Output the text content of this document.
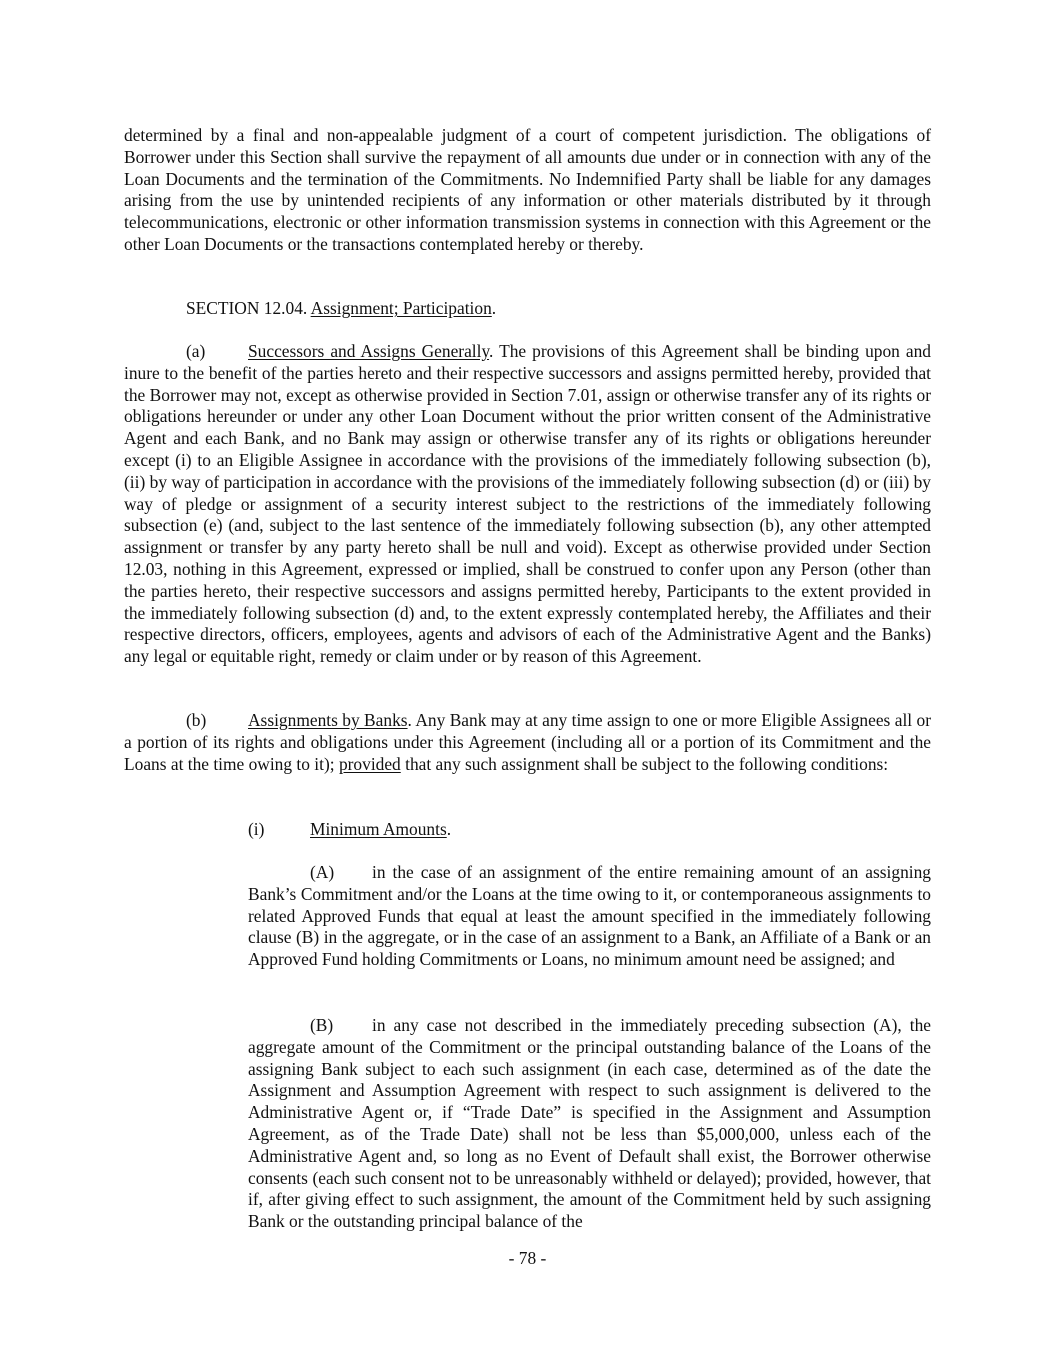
determined by a final and non-appealable judgment of a court of competent jurisdiction. The obligations of Borrower under this Section shall survive the repayment of all amounts due under or in connection with any of the Loan Documents and the termination of the Commitments. No Indemnified Party shall be liable for any damages arising from the use by unintended recipients of any information or other materials distributed by it through telecommunications, electronic or other information transmission systems in connection with this Agreement or the other Loan Documents or the transactions contemplated hereby or thereby.

SECTION 12.04. Assignment; Participation.

(a) Successors and Assigns Generally. The provisions of this Agreement shall be binding upon and inure to the benefit of the parties hereto and their respective successors and assigns permitted hereby, provided that the Borrower may not, except as otherwise provided in Section 7.01, assign or otherwise transfer any of its rights or obligations hereunder or under any other Loan Document without the prior written consent of the Administrative Agent and each Bank, and no Bank may assign or otherwise transfer any of its rights or obligations hereunder except (i) to an Eligible Assignee in accordance with the provisions of the immediately following subsection (b), (ii) by way of participation in accordance with the provisions of the immediately following subsection (d) or (iii) by way of pledge or assignment of a security interest subject to the restrictions of the immediately following subsection (e) (and, subject to the last sentence of the immediately following subsection (b), any other attempted assignment or transfer by any party hereto shall be null and void). Except as otherwise provided under Section 12.03, nothing in this Agreement, expressed or implied, shall be construed to confer upon any Person (other than the parties hereto, their respective successors and assigns permitted hereby, Participants to the extent provided in the immediately following subsection (d) and, to the extent expressly contemplated hereby, the Affiliates and their respective directors, officers, employees, agents and advisors of each of the Administrative Agent and the Banks) any legal or equitable right, remedy or claim under or by reason of this Agreement.

(b) Assignments by Banks. Any Bank may at any time assign to one or more Eligible Assignees all or a portion of its rights and obligations under this Agreement (including all or a portion of its Commitment and the Loans at the time owing to it); provided that any such assignment shall be subject to the following conditions:

(i)	Minimum Amounts.

(A) in the case of an assignment of the entire remaining amount of an assigning Bank’s Commitment and/or the Loans at the time owing to it, or contemporaneous assignments to related Approved Funds that equal at least the amount specified in the immediately following clause (B) in the aggregate, or in the case of an assignment to a Bank, an Affiliate of a Bank or an Approved Fund holding Commitments or Loans, no minimum amount need be assigned; and

(B) in any case not described in the immediately preceding subsection (A), the aggregate amount of the Commitment or the principal outstanding balance of the Loans of the assigning Bank subject to each such assignment (in each case, determined as of the date the Assignment and Assumption Agreement with respect to such assignment is delivered to the Administrative Agent or, if “Trade Date” is specified in the Assignment and Assumption Agreement, as of the Trade Date) shall not be less than $5,000,000, unless each of the Administrative Agent and, so long as no Event of Default shall exist, the Borrower otherwise consents (each such consent not to be unreasonably withheld or delayed); provided, however, that if, after giving effect to such assignment, the amount of the Commitment held by such assigning Bank or the outstanding principal balance of the

- 78 -
